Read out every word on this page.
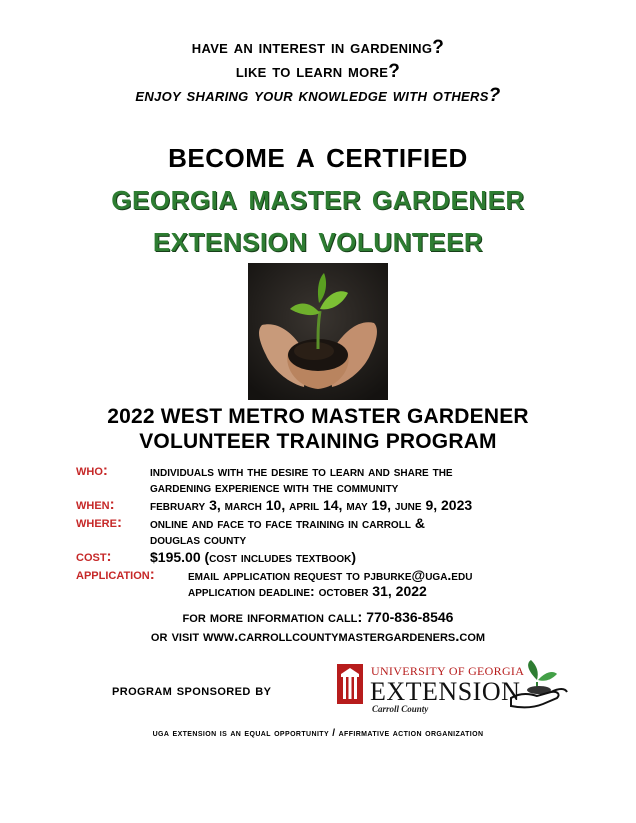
have an interest in gardening?
like to learn more?
enjoy sharing your knowledge with others?
become a certified
georgia master gardener
extension volunteer
2022 WEST METRO MASTER GARDENER
VOLUNTEER TRAINING PROGRAM
who:	individuals with the desire to learn and share the
gardening experience with the community
when:	february 3, march 10, april 14, may 19, june 9, 2023
where: online and face to face training in carroll &
douglas county
cost:	$195.00 (cost includes textbook)
application: email application request to pjburke@uga.edu
application deadline: october 31, 2022
for more information call: 770-836-8546
or visit www.carrollcountymastergardeners.com
program sponsored by
UNIVERSITY OF GEORGIA
EXTENSION
Carroll County
uga extension is an equal opportunity / affirmative action organization
